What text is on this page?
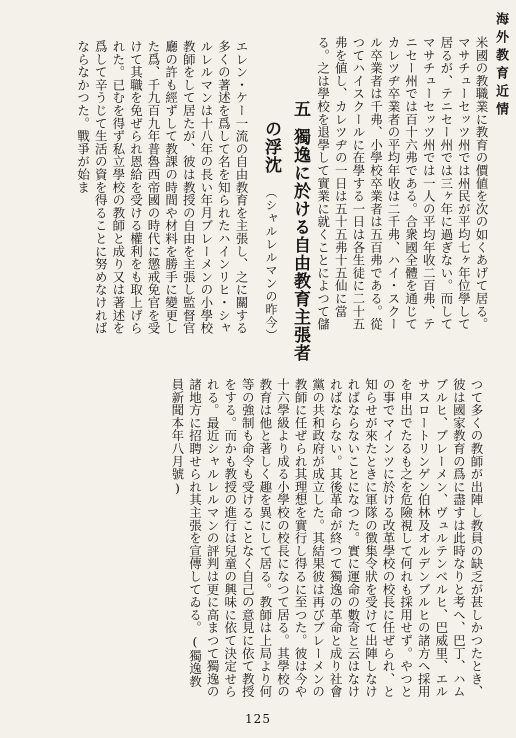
海外教育近情

米國の教職業に教育の價値を次の如くあげて居る。マサチューセッツ州では州民が平均七ヶ年位學して居るが、テニセー州では三ヶ年に過ぎない。而してマサチューセッツ州では一人の平均年收二百弗、テニセー州では百十六弗である。合衆國全體を通じてカレツヂ卒業者の平均年收は二千弗、ハイ・スクール卒業者は千弗、小學校卒業者は五百弗である。從つてハイスクールに在學する一日は各生徒に二十五弗を値し、カレツヂの一日は五十五弗十五仙に當る。之は學校を退學して實業に就くことによつて儲

五獨逸に於ける自由教育主張者
の浮沈（シャルレルマンの昨今）

エレン・ケー一流の自由教育を主張し、之に關する多くの著述を爲して名を知られたハインリヒ・シャルレルマンは十八年の長い年月ブレーメンの小學校教師をして居たが、彼は教授の自由を主張し監督官廳の許も經ずして教課の時間や材料を勝手に變更した爲、千九百九年普魯西帝國の時代に懲戒免官を受けて其職を免ぜられ恩給を受ける權利をも取上げられた。已むを得ず私立學校の教師と成り又は著述を爲して辛うじて生活の資を得ることに努めなければならなかつた。戰爭が始ま

つて多くの教師が出陣し教員の缺乏が甚しかつたとき、彼は國家教育の爲に盡すは此時なりと考へ、巴丁、ハムブルヒ、ブレーメン、ヴュルテンベルヒ、巴威里、エルサスロートリンゲン伯林及オルデンブルヒの諸方へ採用を申出でたるも之を危險視して何れも採用せず。やつとの事でマインツに於ける改革學校の校長に任ぜられ、と知らせが來たときに軍隊の徴集令狀を受けて出陣しなければならないことになつた。實に運命の數奇と云はなければならない。其後革命が終つて獨逸の革命と成り社會黨の共和政府が成立した。其結果彼は再びブレーメンの教師に任ぜられ其理想を實行し得るに至つた。彼は今や十六學級より成る小學校の校長になつて居る。其學校の教育は他と著しく趣を異にして居る。教師は上局より何等の強制も命令も受けることなく自己の意見に依て教授をする。而かも教授の進行は兒童の興味に依て決定せられる。最近シャルレルマンの評判は更に高まつて獨逸の諸地方に招聘せられ其主張を宣傳してゐる。(獨逸教員新聞本年八月號)

125
